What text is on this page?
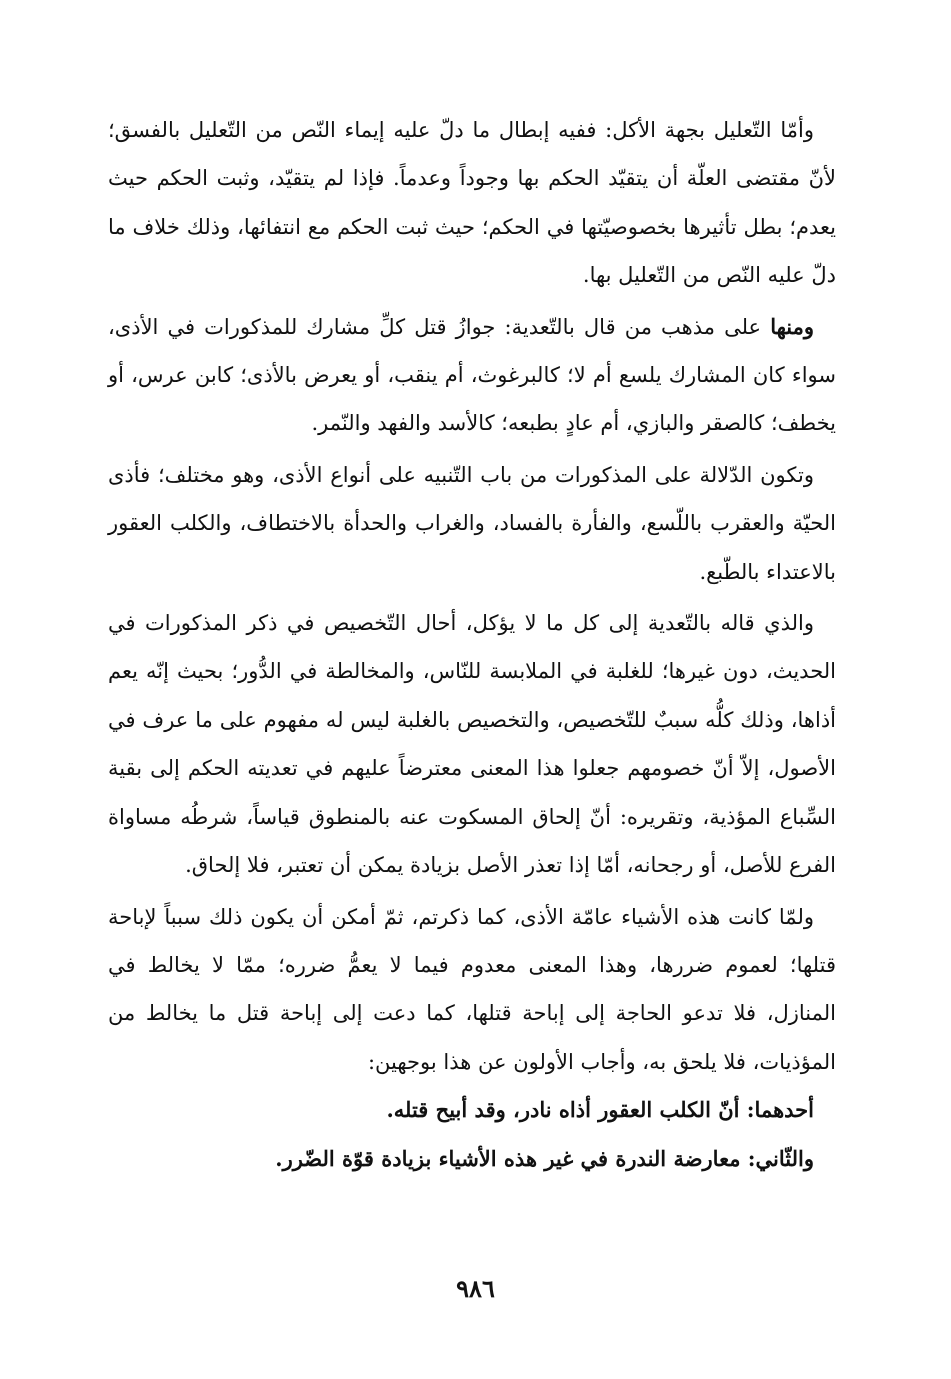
وأمّا التّعليل بجهة الأكل: ففيه إبطال ما دلّ عليه إيماء النّص من التّعليل بالفسق؛ لأنّ مقتضى العلّة أن يتقيّد الحكم بها وجوداً وعدماً. فإذا لم يتقيّد، وثبت الحكم حيث يعدم؛ بطل تأثيرها بخصوصيّتها في الحكم؛ حيث ثبت الحكم مع انتفائها، وذلك خلاف ما دلّ عليه النّص من التّعليل بها.

ومنها على مذهب من قال بالتّعدية: جوازُ قتل كلِّ مشارك للمذكورات في الأذى، سواء كان المشارك يلسع أم لا؛ كالبرغوث، أم ينقب، أو يعرض بالأذى؛ كابن عرس، أو يخطف؛ كالصقر والبازي، أم عادٍ بطبعه؛ كالأسد والفهد والنّمر.

وتكون الدّلالة على المذكورات من باب التّنبيه على أنواع الأذى، وهو مختلف؛ فأذى الحيّة والعقرب باللّسع، والفأرة بالفساد، والغراب والحدأة بالاختطاف، والكلب العقور بالاعتداء بالطّبع.

والذي قاله بالتّعدية إلى كل ما لا يؤكل، أحال التّخصيص في ذكر المذكورات في الحديث، دون غيرها؛ للغلبة في الملابسة للنّاس، والمخالطة في الدُّور؛ بحيث إنّه يعم أذاها، وذلك كلُّه سببٌ للتّخصيص، والتخصيص بالغلبة ليس له مفهوم على ما عرف في الأصول، إلاّ أنّ خصومهم جعلوا هذا المعنى معترضاً عليهم في تعديته الحكم إلى بقية السِّباع المؤذية، وتقريره: أنّ إلحاق المسكوت عنه بالمنطوق قياساً، شرطُه مساواة الفرع للأصل، أو رجحانه، أمّا إذا تعذر الأصل بزيادة يمكن أن تعتبر، فلا إلحاق.

ولمّا كانت هذه الأشياء عامّة الأذى، كما ذكرتم، ثمّ أمكن أن يكون ذلك سبباً لإباحة قتلها؛ لعموم ضررها، وهذا المعنى معدوم فيما لا يعمُّ ضرره؛ ممّا لا يخالط في المنازل، فلا تدعو الحاجة إلى إباحة قتلها، كما دعت إلى إباحة قتل ما يخالط من المؤذيات، فلا يلحق به، وأجاب الأولون عن هذا بوجهين:

أحدهما: أنّ الكلب العقور أذاه نادر، وقد أبيح قتله.

والثّاني: معارضة الندرة في غير هذه الأشياء بزيادة قوّة الضّرر.

٩٨٦
